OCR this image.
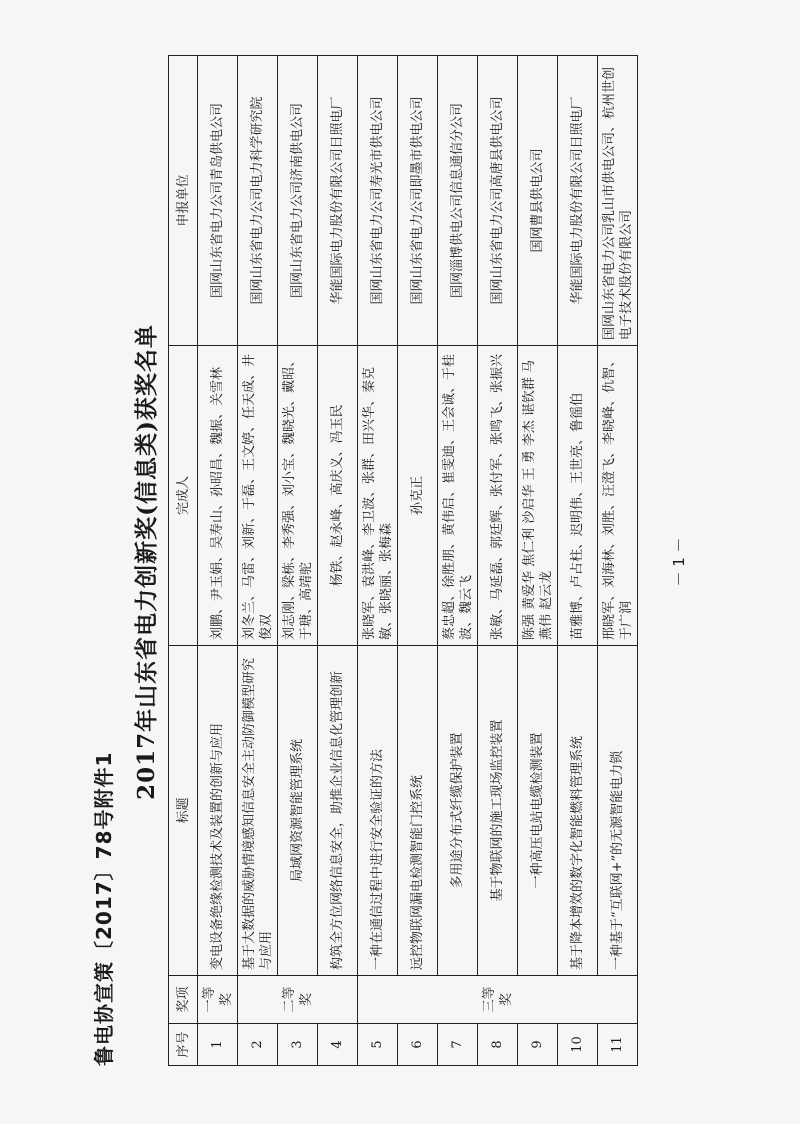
鲁电协宣策〔2017〕78号附件1
2017年山东省电力创新奖(信息类)获奖名单
序号	奖项	标题	完成人	申报单位
1	一等奖	变电设备绝缘检测技术及装置的创新与应用	刘鹏、尹玉娟、吴寿山、孙昭昌、魏振、关雪林	国网山东省电力公司青岛供电公司
2	二等奖	基于大数据的威胁情境感知信息安全主动防御模型研究与应用	刘冬兰、马雷、刘新、于磊、王文婷、任天成、井俊双	国网山东省电力公司电力科学研究院
3		局域网资源智能管理系统	刘志刚、梁栋、李秀强、刘小宝、魏晓光、戴昭、于瑭、高靖驼	国网山东省电力公司济南供电公司
4		构筑全方位网络信息安全，助推企业信息化管理创新	杨铁、赵永峰、高庆义、冯玉民	华能国际电力股份有限公司日照电厂
5	三等奖	一种在通信过程中进行安全验证的方法	张晓军、袁洪峰、李卫波、张群、田兴华、秦克敏、张晓丽、张梅森	国网山东省电力公司寿光市供电公司
6		远控物联网漏电检测智能门控系统	孙克正	国网山东省电力公司即墨市供电公司
7		多用途分布式纤缆保护装置	蔡忠超、徐胜朋、黄伟启、崔雯迪、王会诚、于桂波、魏云飞	国网淄博供电公司信息通信分公司
8		基于物联网的施工现场监控装置	张敏、马延磊、郭廷辉、张付军、张鸣飞、张振兴	国网山东省电力公司高唐县供电公司
9		一种高压电站电缆检测装置	陈强 黄爱华 焦仁利 沙启华 王 勇 李杰 谌钦群 马燕伟 赵云龙	国网曹县供电公司
10		基于降本增效的数字化智能燃料管理系统	苗雅博、卢占柱、迟明伟、王世亮、鲁徭伯	华能国际电力股份有限公司日照电厂
11		一种基于“互联网+”的无源智能电力锁	邢晓军、刘海林、刘胜、汪澄飞、李晓峰、仇智、于广润	国网山东省电力公司乳山市供电公司、杭州世创电子技术股份有限公司
－ 1 －
